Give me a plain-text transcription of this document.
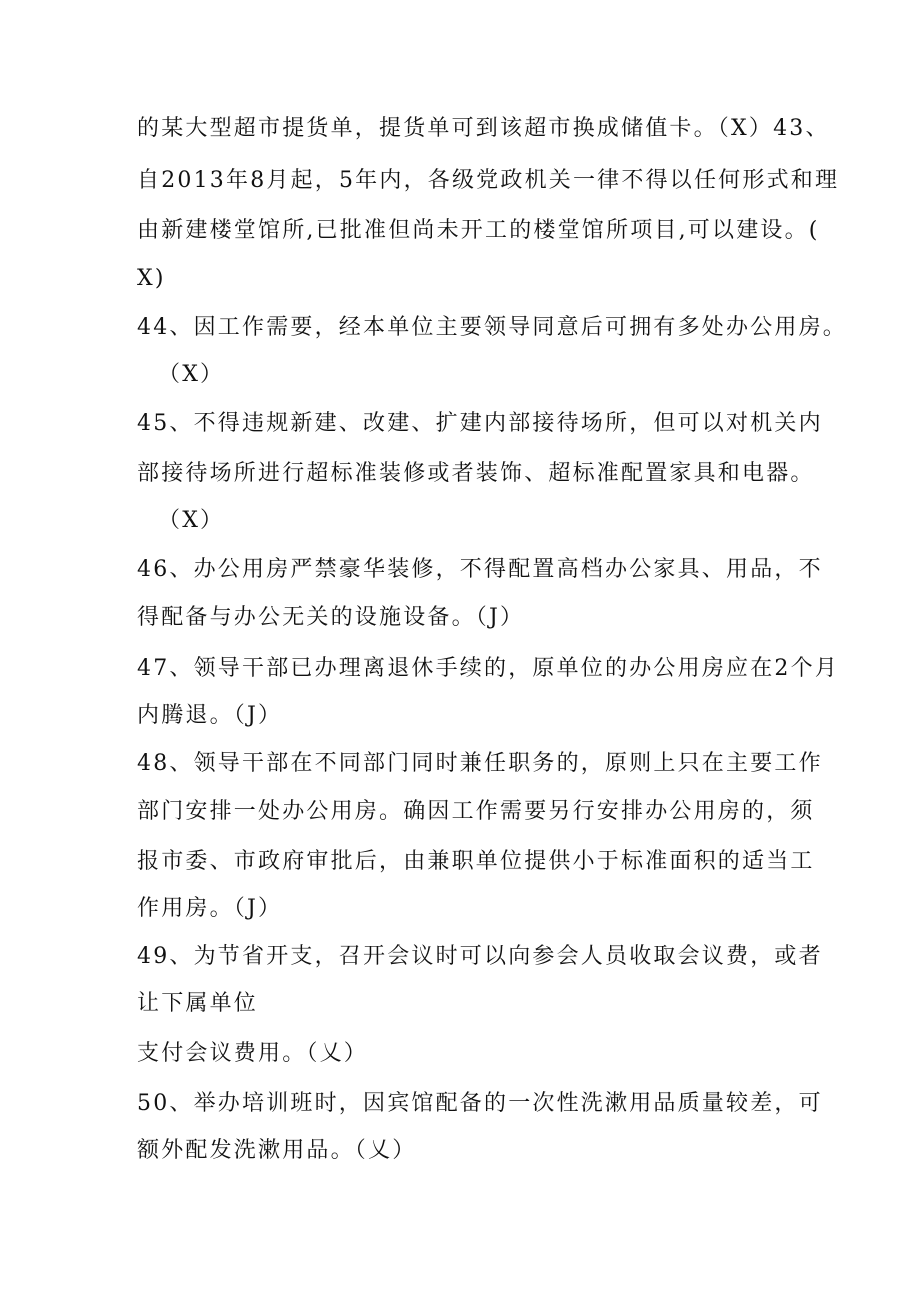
的某大型超市提货单，提货单可到该超市换成储值卡。（X）43、
自2013年8月起，5年内，各级党政机关一律不得以任何形式和理
由新建楼堂馆所,已批准但尚未开工的楼堂馆所项目,可以建设。(
X)
44、因工作需要，经本单位主要领导同意后可拥有多处办公用房。
（X）
45、不得违规新建、改建、扩建内部接待场所，但可以对机关内
部接待场所进行超标准装修或者装饰、超标准配置家具和电器。
（X）
46、办公用房严禁豪华装修，不得配置高档办公家具、用品，不
得配备与办公无关的设施设备。（J）
47、领导干部已办理离退休手续的，原单位的办公用房应在2个月
内腾退。（J）
48、领导干部在不同部门同时兼任职务的，原则上只在主要工作
部门安排一处办公用房。确因工作需要另行安排办公用房的，须
报市委、市政府审批后，由兼职单位提供小于标准面积的适当工
作用房。（J）
49、为节省开支，召开会议时可以向参会人员收取会议费，或者
让下属单位
支付会议费用。（乂）
50、举办培训班时，因宾馆配备的一次性洗漱用品质量较差，可
额外配发洗漱用品。（乂）
